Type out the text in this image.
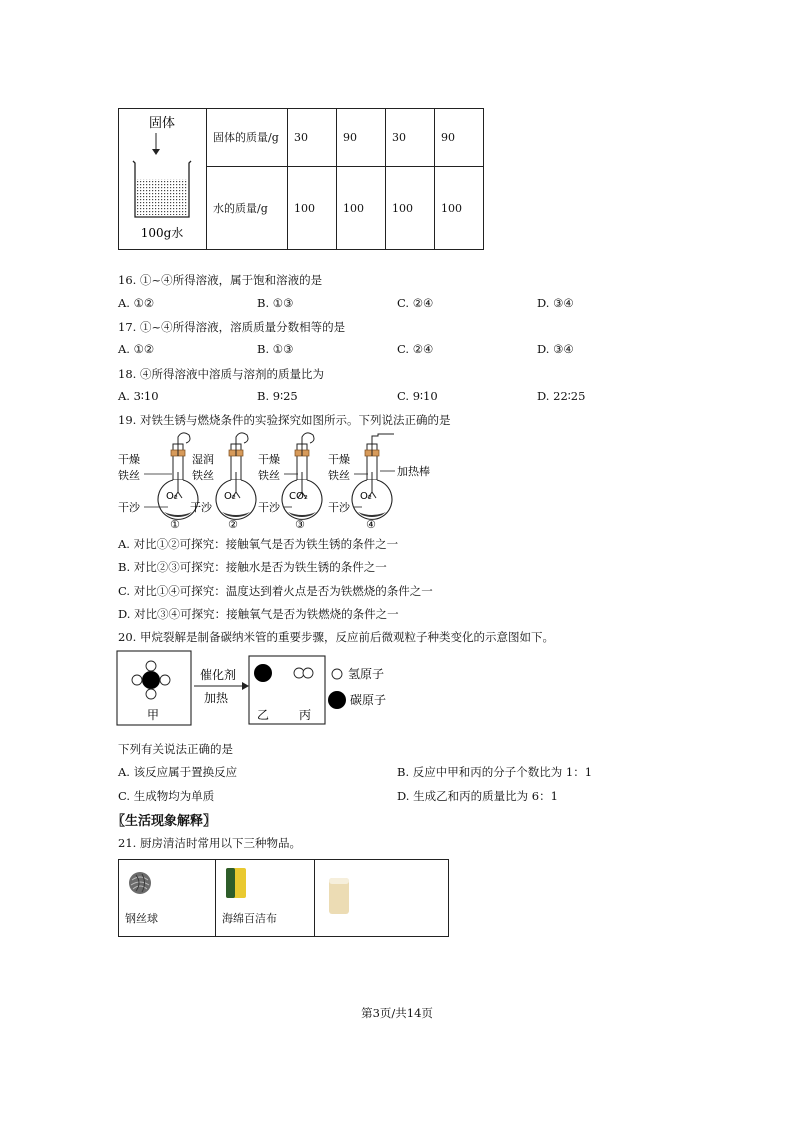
固体
100g水	固体的质量/g	30	90	30	90
	水的质量/g	100	100	100	100
16. ①~④所得溶液，属于饱和溶液的是
A. ①②	B. ①③	C. ②④	D. ③④
17. ①~④所得溶液，溶质质量分数相等的是
A. ①②	B. ①③	C. ②④	D. ③④
18. ④所得溶液中溶质与溶剂的质量比为
A. 3∶10	B. 9∶25	C. 9∶10	D. 22∶25
19. 对铁生锈与燃烧条件的实验探究如图所示。下列说法正确的是
O₂
干燥
铁丝
干沙
①
O₂
湿润
铁丝
干沙
②
CO₂
干燥
铁丝
干沙
③
O₂
干燥
铁丝
干沙
④
加热棒
A. 对比①②可探究：接触氧气是否为铁生锈的条件之一
B. 对比②③可探究：接触水是否为铁生锈的条件之一
C. 对比①④可探究：温度达到着火点是否为铁燃烧的条件之一
D. 对比③④可探究：接触氧气是否为铁燃烧的条件之一
20. 甲烷裂解是制备碳纳米管的重要步骤，反应前后微观粒子种类变化的示意图如下。
甲
催化剂
加热
乙 丙
氢原子
碳原子
下列有关说法正确的是
A. 该反应属于置换反应	B. 反应中甲和丙的分子个数比为 1：1
C. 生成物均为单质	D. 生成乙和丙的质量比为 6：1
〖生活现象解释〗
21. 厨房清洁时常用以下三种物品。
钢丝球	海绵百洁布	
第3页/共14页
